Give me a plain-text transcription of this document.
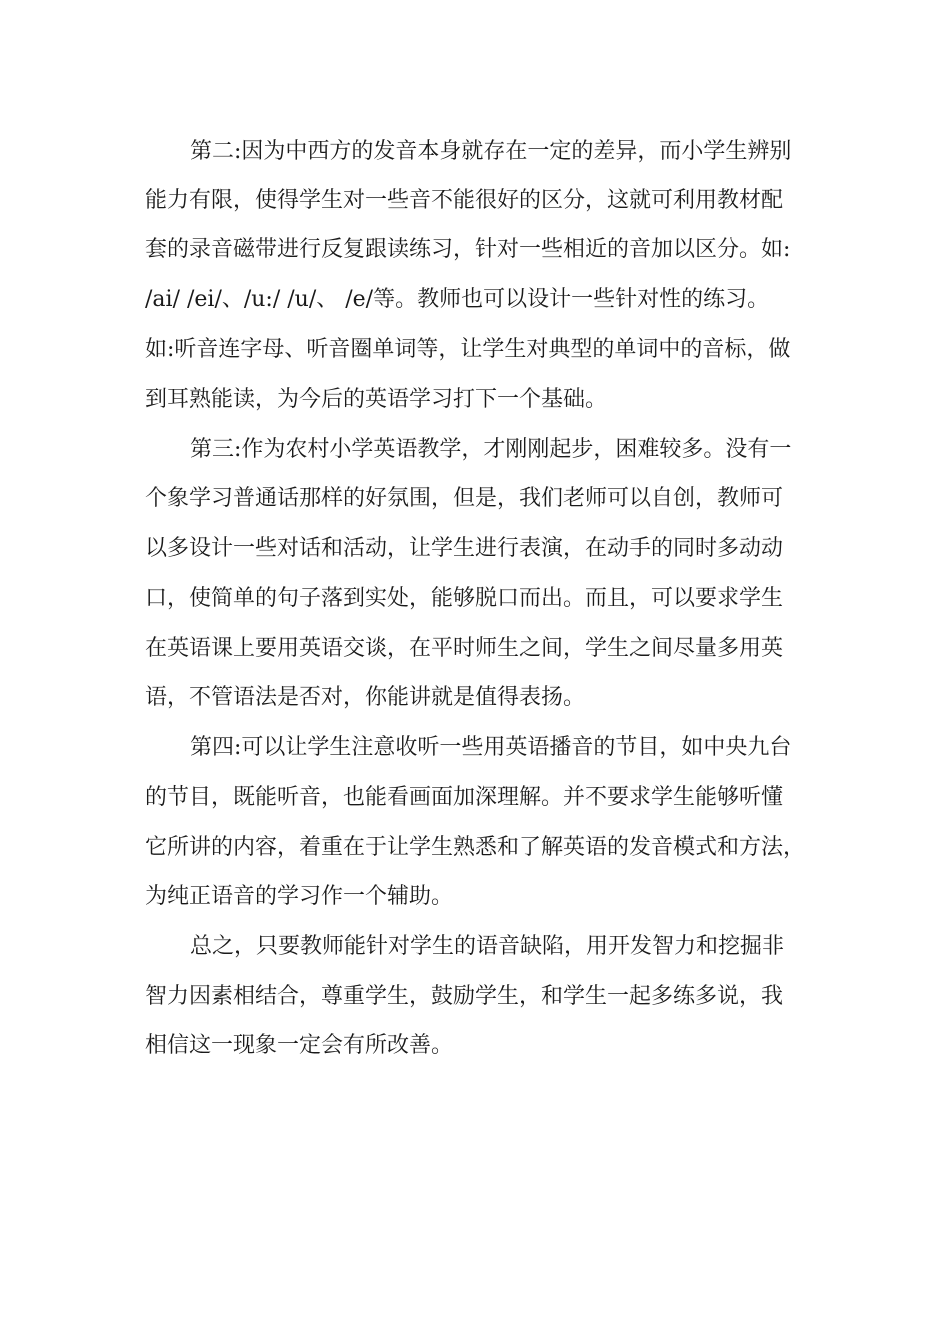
第二:因为中西方的发音本身就存在一定的差异，而小学生辨别
能力有限，使得学生对一些音不能很好的区分，这就可利用教材配
套的录音磁带进行反复跟读练习，针对一些相近的音加以区分。如:
/ai/ /ei/、/u:/ /u/、 /e/等。教师也可以设计一些针对性的练习。
如:听音连字母、听音圈单词等，让学生对典型的单词中的音标，做
到耳熟能读，为今后的英语学习打下一个基础。
第三:作为农村小学英语教学，才刚刚起步，困难较多。没有一
个象学习普通话那样的好氛围，但是，我们老师可以自创，教师可
以多设计一些对话和活动，让学生进行表演，在动手的同时多动动
口，使简单的句子落到实处，能够脱口而出。而且，可以要求学生
在英语课上要用英语交谈，在平时师生之间，学生之间尽量多用英
语，不管语法是否对，你能讲就是值得表扬。
第四:可以让学生注意收听一些用英语播音的节目，如中央九台
的节目，既能听音，也能看画面加深理解。并不要求学生能够听懂
它所讲的内容，着重在于让学生熟悉和了解英语的发音模式和方法，
为纯正语音的学习作一个辅助。
总之，只要教师能针对学生的语音缺陷，用开发智力和挖掘非
智力因素相结合，尊重学生，鼓励学生，和学生一起多练多说，我
相信这一现象一定会有所改善。
